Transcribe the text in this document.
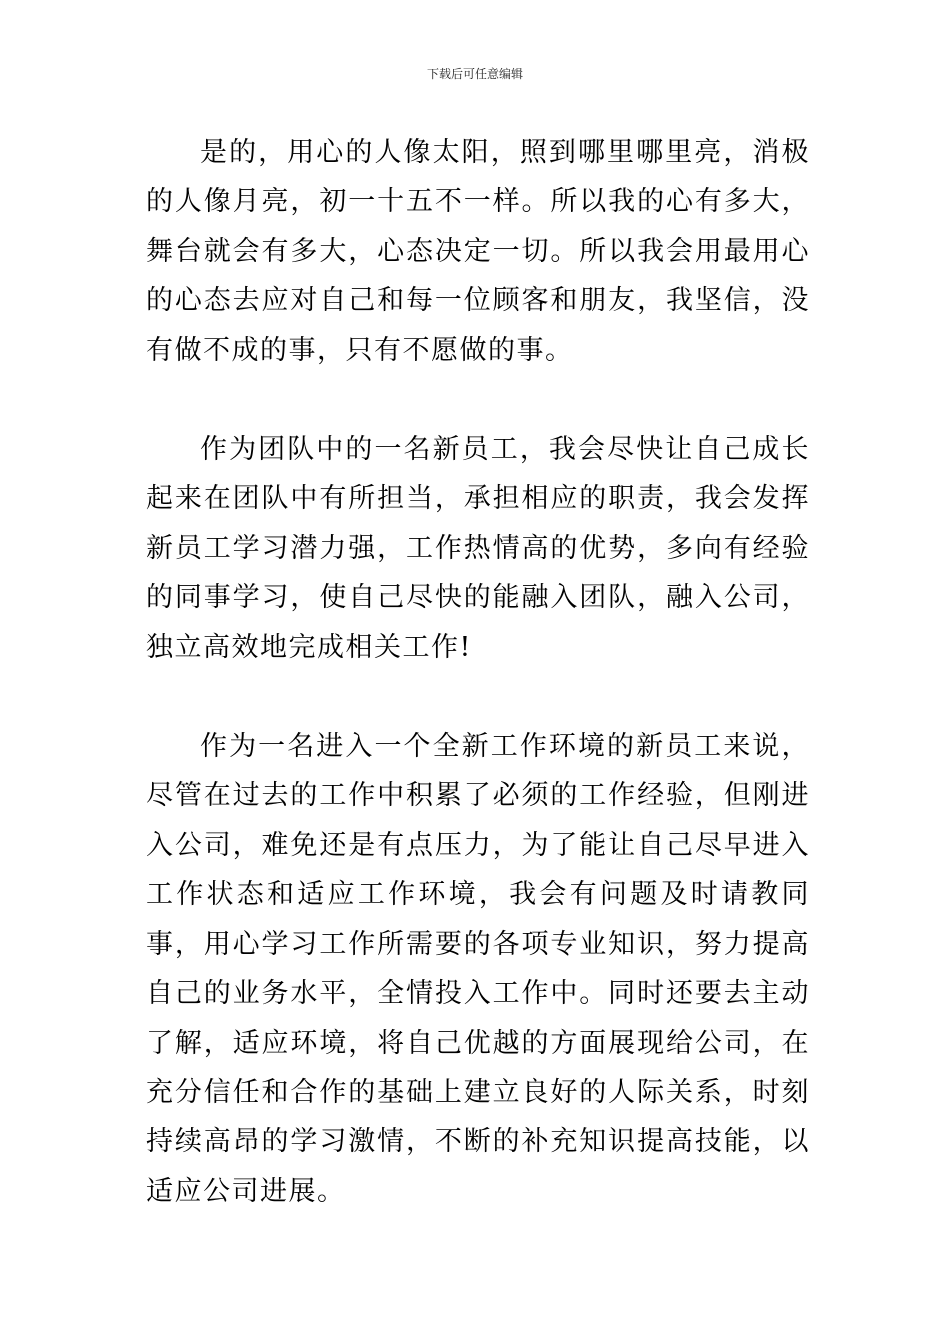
下载后可任意编辑

是的，用心的人像太阳，照到哪里哪里亮，消极的人像月亮，初一十五不一样。所以我的心有多大，舞台就会有多大，心态决定一切。所以我会用最用心的心态去应对自己和每一位顾客和朋友，我坚信，没有做不成的事，只有不愿做的事。

作为团队中的一名新员工，我会尽快让自己成长起来在团队中有所担当，承担相应的职责，我会发挥新员工学习潜力强，工作热情高的优势，多向有经验的同事学习，使自己尽快的能融入团队，融入公司，独立高效地完成相关工作!

作为一名进入一个全新工作环境的新员工来说，尽管在过去的工作中积累了必须的工作经验，但刚进入公司，难免还是有点压力，为了能让自己尽早进入工作状态和适应工作环境，我会有问题及时请教同事，用心学习工作所需要的各项专业知识，努力提高自己的业务水平，全情投入工作中。同时还要去主动了解，适应环境，将自己优越的方面展现给公司，在充分信任和合作的基础上建立良好的人际关系，时刻持续高昂的学习激情，不断的补充知识提高技能，以适应公司进展。
